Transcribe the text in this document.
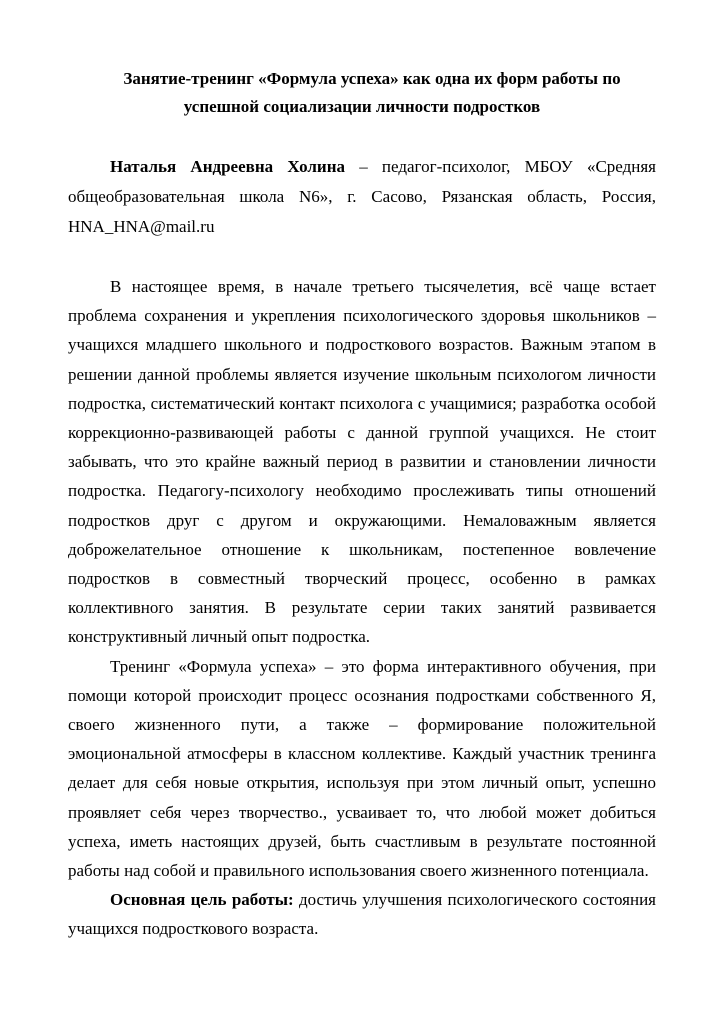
Занятие-тренинг «Формула успеха» как одна их форм работы по
успешной социализации личности подростков

Наталья Андреевна Холина – педагог-психолог, МБОУ «Средняя общеобразовательная школа N6», г. Сасово, Рязанская область, Россия, HNA_HNA@mail.ru

В настоящее время, в начале третьего тысячелетия, всё чаще встает проблема сохранения и укрепления психологического здоровья школьников – учащихся младшего школьного и подросткового возрастов. Важным этапом в решении данной проблемы является изучение школьным психологом личности подростка, систематический контакт психолога с учащимися; разработка особой коррекционно-развивающей работы с данной группой учащихся. Не стоит забывать, что это крайне важный период в развитии и становлении личности подростка. Педагогу-психологу необходимо прослеживать типы отношений подростков друг с другом и окружающими. Немаловажным является доброжелательное отношение к школьникам, постепенное вовлечение подростков в совместный творческий процесс, особенно в рамках коллективного занятия. В результате серии таких занятий развивается конструктивный личный опыт подростка.

Тренинг «Формула успеха» – это форма интерактивного обучения, при помощи которой происходит процесс осознания подростками собственного Я, своего жизненного пути, а также – формирование положительной эмоциональной атмосферы в классном коллективе. Каждый участник тренинга делает для себя новые открытия, используя при этом личный опыт, успешно проявляет себя через творчество., усваивает то, что любой может добиться успеха, иметь настоящих друзей, быть счастливым в результате постоянной работы над собой и правильного использования своего жизненного потенциала.

Основная цель работы: достичь улучшения психологического состояния учащихся подросткового возраста.
